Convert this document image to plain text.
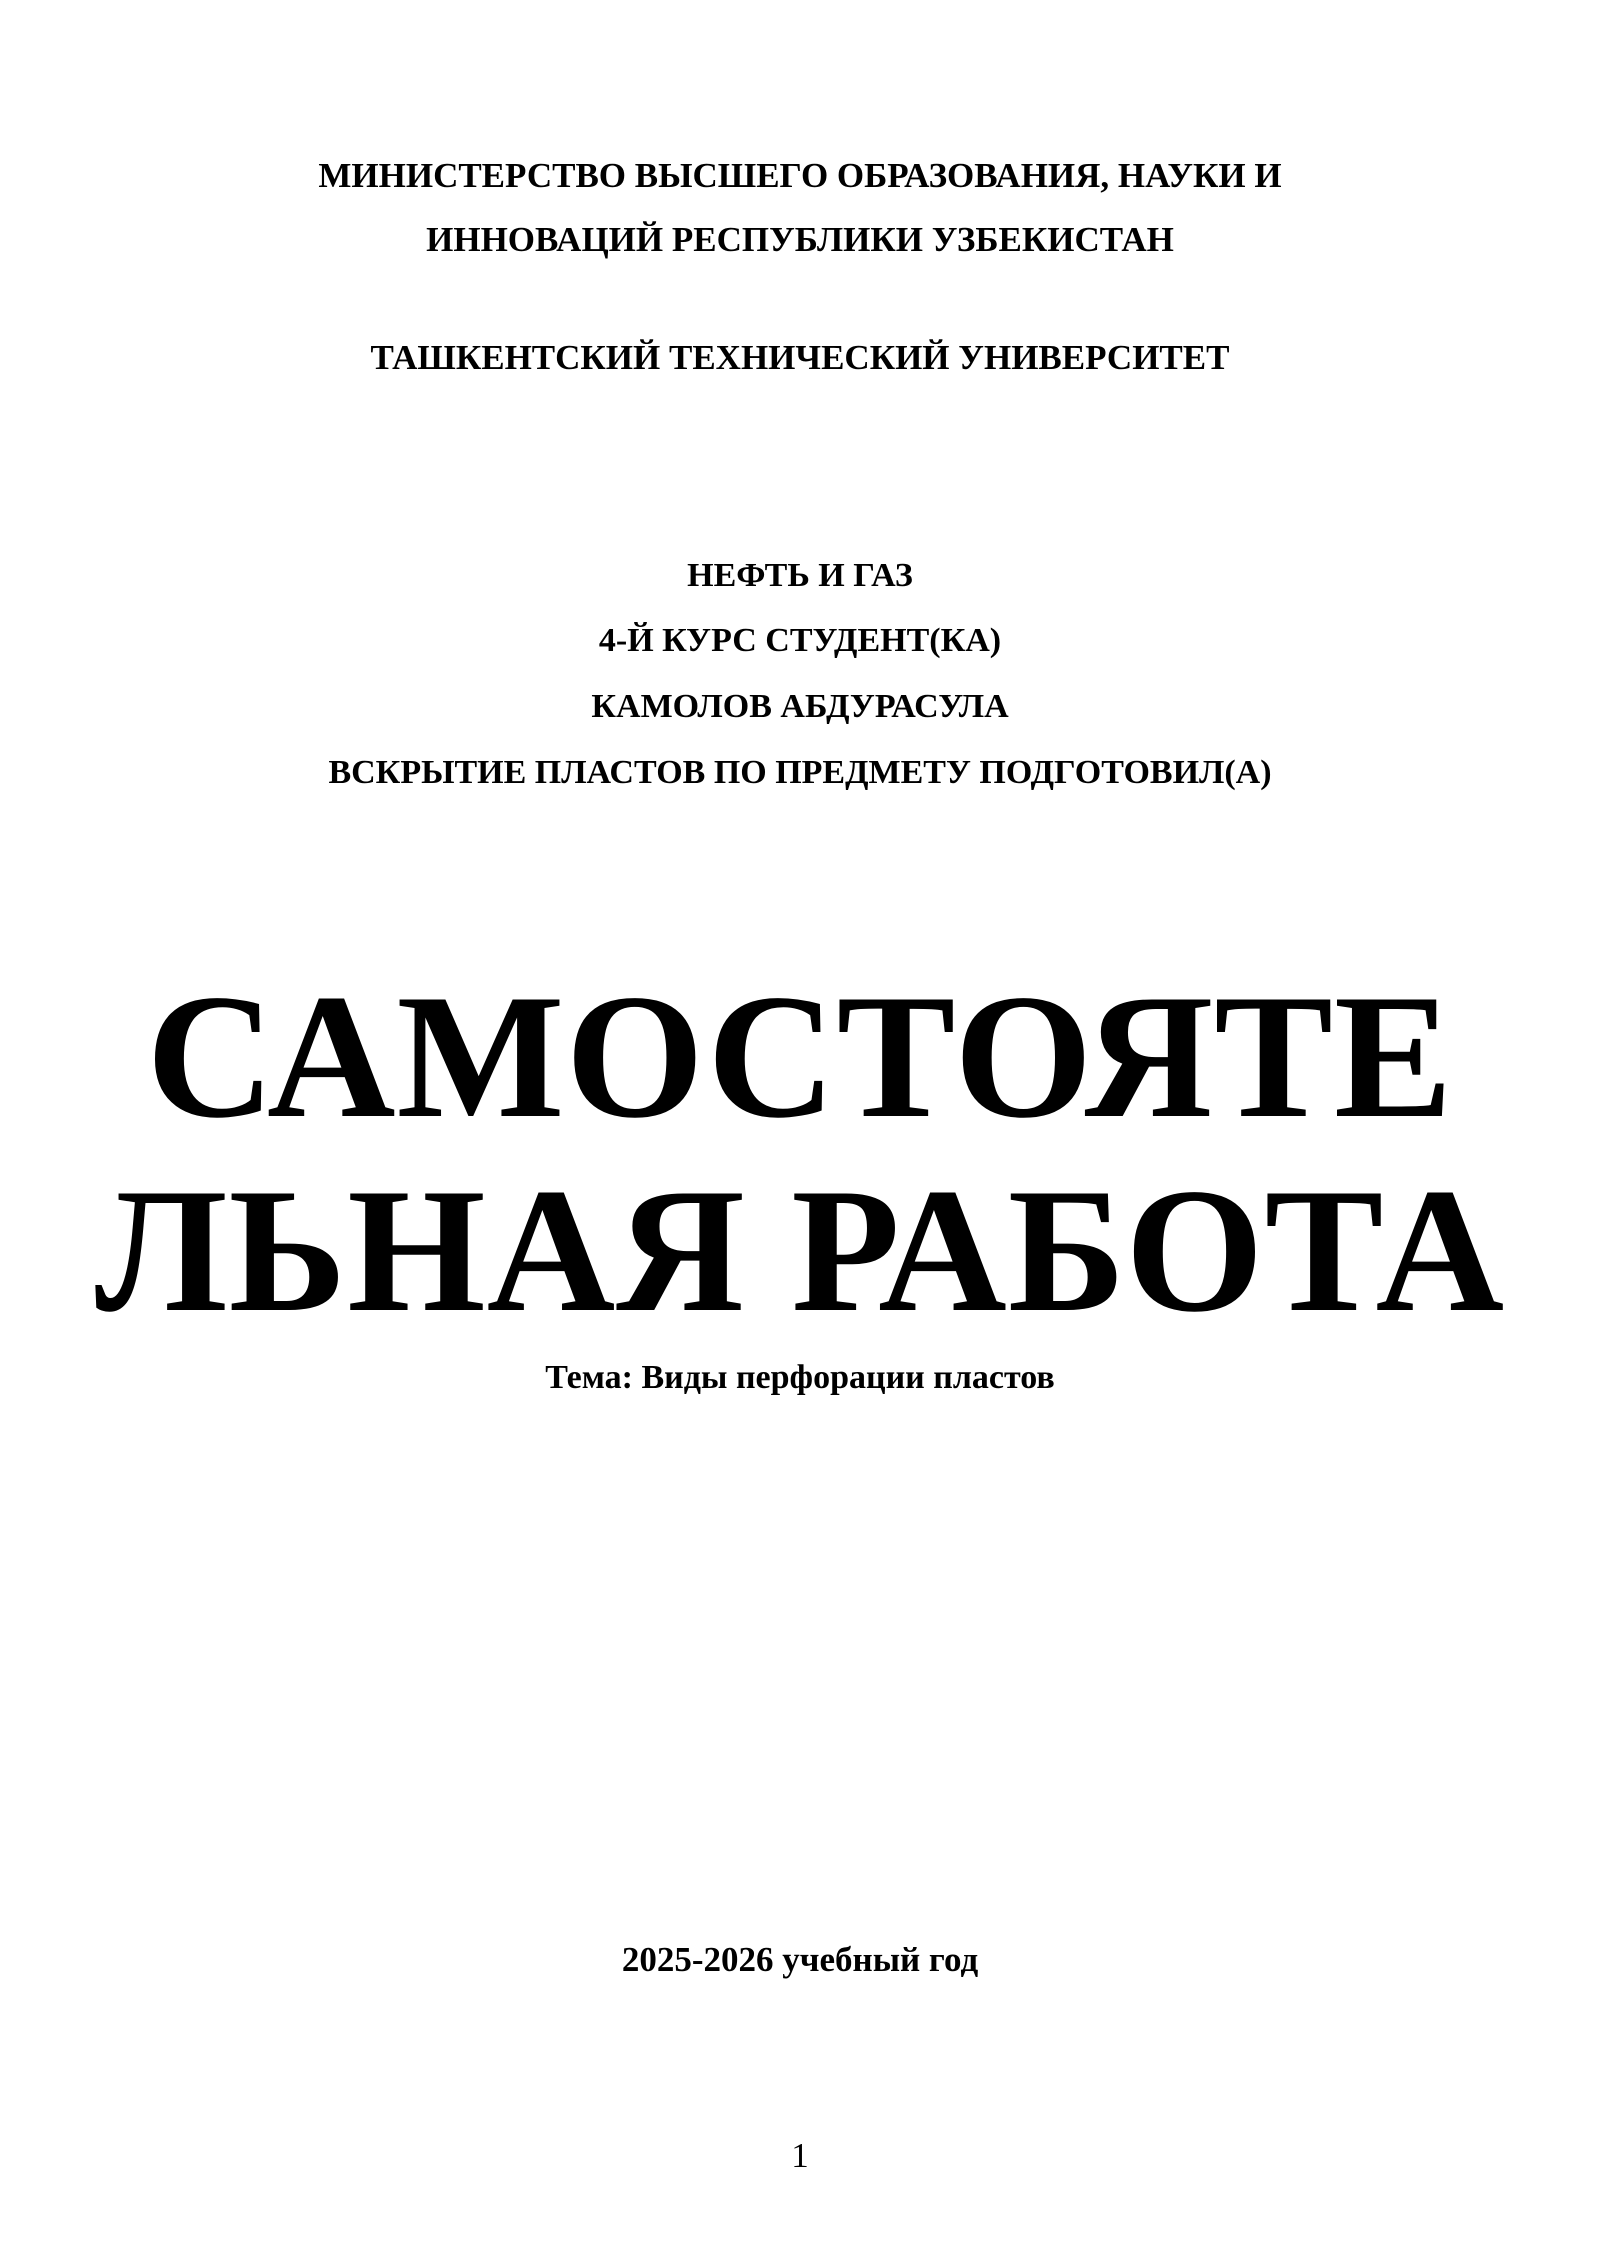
МИНИСТЕРСТВО ВЫСШЕГО ОБРАЗОВАНИЯ, НАУКИ И

ИННОВАЦИЙ РЕСПУБЛИКИ УЗБЕКИСТАН

ТАШКЕНТСКИЙ ТЕХНИЧЕСКИЙ УНИВЕРСИТЕТ

НЕФТЬ И ГАЗ

4-Й КУРС СТУДЕНТ(КА)

КАМОЛОВ АБДУРАСУЛА

ВСКРЫТИЕ ПЛАСТОВ ПО ПРЕДМЕТУ ПОДГОТОВИЛ(А)

САМОСТОЯТЕ
ЛЬНАЯ РАБОТА

Тема: Виды перфорации пластов

2025-2026 учебный год

1
